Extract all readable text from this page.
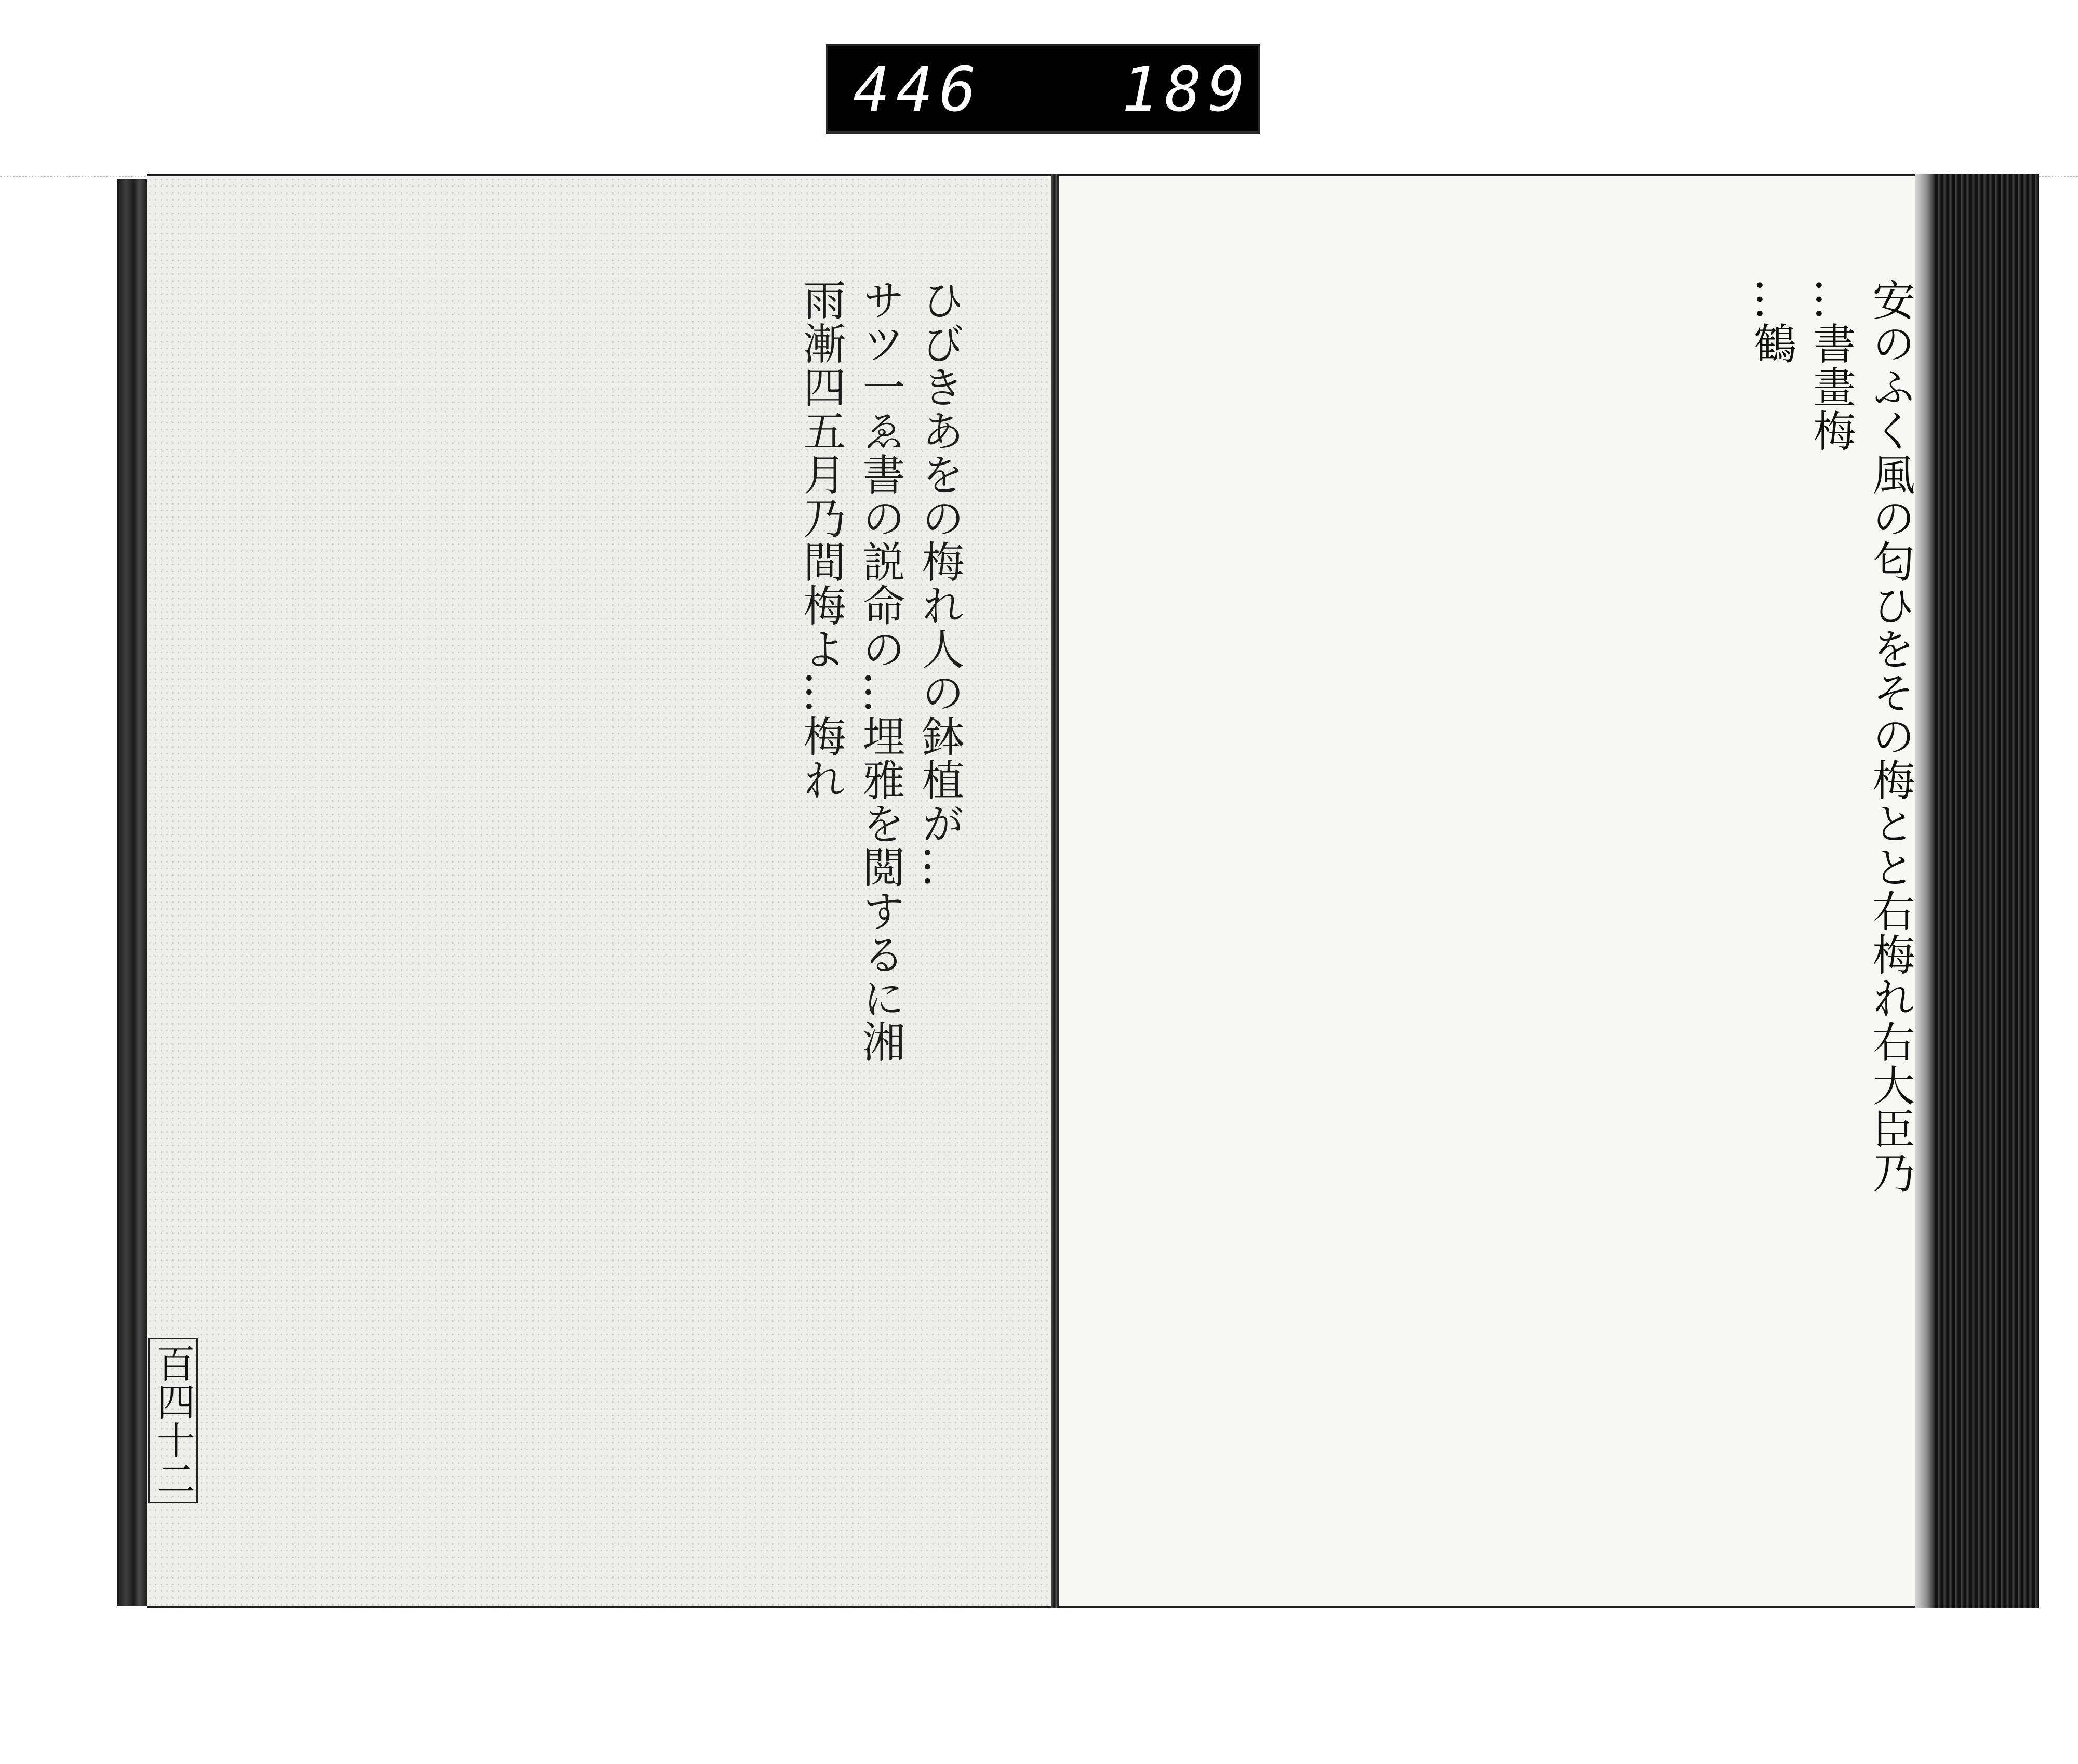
446 189
ひびきあをの梅れ人の鉢植が…
サツ一ゑ書の説命の…埋雅を閲するに湘
雨漸四五月乃間梅よ…梅れ
百四十二
安のふく風の匂ひをその梅とと右梅れ右大臣乃
…書畫梅
…鶴
